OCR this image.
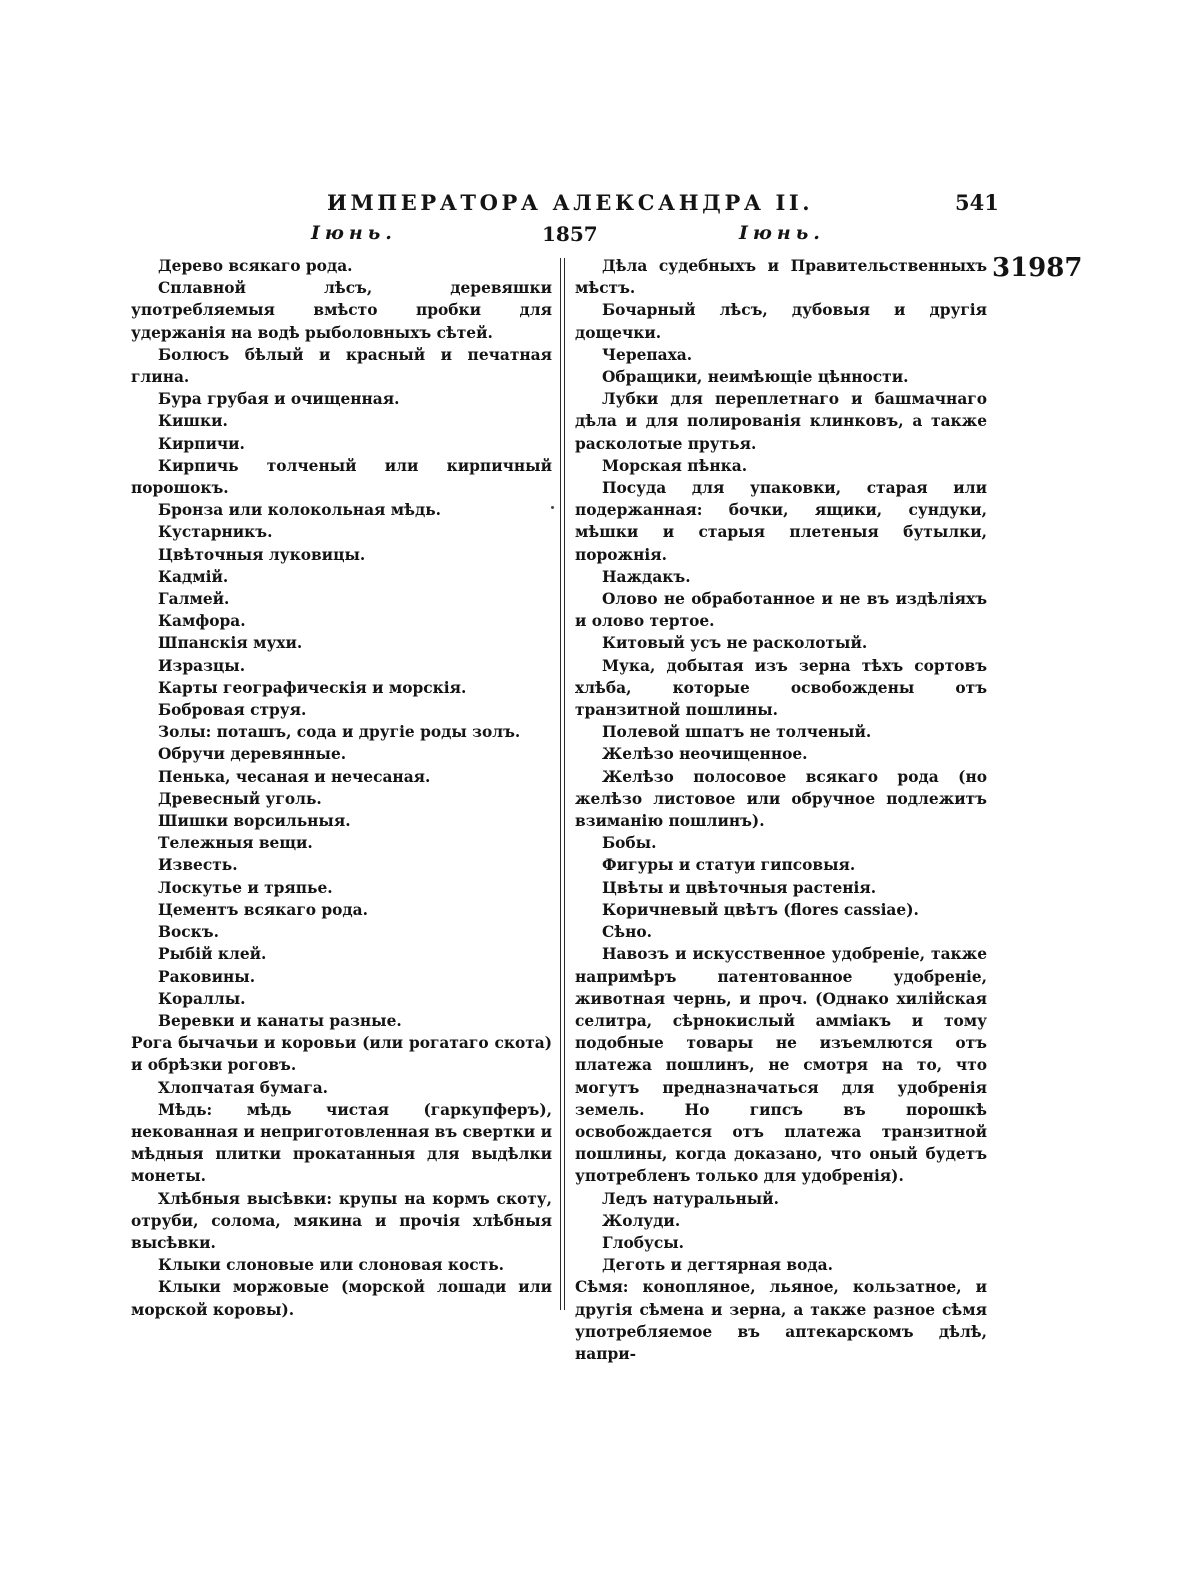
ИМПЕРАТОРА АЛЕКСАНДРА II.	541
Іюнь.	1857	Іюнь.

Дерево всякаго рода.

Сплавной лѣсъ, деревяшки употребляемыя вмѣсто пробки для удержанія на водѣ рыболовныхъ сѣтей.

Болюсъ бѣлый и красный и печатная глина.

Бура грубая и очищенная.

Кишки.

Кирпичи.

Кирпичь толченый или кирпичный порошокъ.

Бронза или колокольная мѣдь.

Кустарникъ.

Цвѣточныя луковицы.

Кадмій.

Галмей.

Камфора.

Шпанскія мухи.

Изразцы.

Карты географическія и морскія.

Бобровая струя.

Золы: поташъ, сода и другіе роды золъ.

Обручи деревянные.

Пенька, чесаная и нечесаная.

Древесный уголь.

Шишки ворсильныя.

Тележныя вещи.

Известь.

Лоскутье и тряпье.

Цементъ всякаго рода.

Воскъ.

Рыбій клей.

Раковины.

Кораллы.

Веревки и канаты разные.

Рога бычачьи и коровьи (или рогатаго скота) и обрѣзки роговъ.

Хлопчатая бумага.

Мѣдь: мѣдь чистая (гаркупферъ), некованная и неприготовленная въ свертки и мѣдныя плитки прокатанныя для выдѣлки монеты.

Хлѣбныя высѣвки: крупы на кормъ скоту, отруби, солома, мякина и прочія хлѣбныя высѣвки.

Клыки слоновые или слоновая кость.

Клыки моржовые (морской лошади или морской коровы).

Дѣла судебныхъ и Правительственныхъ мѣстъ.

Бочарный лѣсъ, дубовыя и другія дощечки.

Черепаха.

Обращики, неимѣющіе цѣнности.

Лубки для переплетнаго и башмачнаго дѣла и для полированія клинковъ, а также расколотые прутья.

Морская пѣнка.

Посуда для упаковки, старая или подержанная: бочки, ящики, сундуки, мѣшки и старыя плетеныя бутылки, порожнія.

Наждакъ.

Олово не обработанное и не въ издѣліяхъ и олово тертое.

Китовый усъ не расколотый.

Мука, добытая изъ зерна тѣхъ сортовъ хлѣба, которые освобождены отъ транзитной пошлины.

Полевой шпатъ не толченый.

Желѣзо неочищенное.

Желѣзо полосовое всякаго рода (но желѣзо листовое или обручное подлежитъ взиманію пошлинъ).

Бобы.

Фигуры и статуи гипсовыя.

Цвѣты и цвѣточныя растенія.

Коричневый цвѣтъ (flores cassiae).

Сѣно.

Навозъ и искусственное удобреніе, также напримѣръ патентованное удобреніе, животная чернь, и проч. (Однако хилійская селитра, сѣрнокислый аммiакъ и тому подобные товары не изъемлются отъ платежа пошлинъ, не смотря на то, что могутъ предназначаться для удобренія земель. Но гипсъ въ порошкѣ освобождается отъ платежа транзитной пошлины, когда доказано, что оный будетъ употребленъ только для удобренія).

Ледъ натуральный.

Жолуди.

Глобусы.

Деготь и дегтярная вода.

Сѣмя: конопляное, льяное, кользатное, и другія сѣмена и зерна, а также разное сѣмя употребляемое въ аптекарскомъ дѣлѣ, напри-

31987
